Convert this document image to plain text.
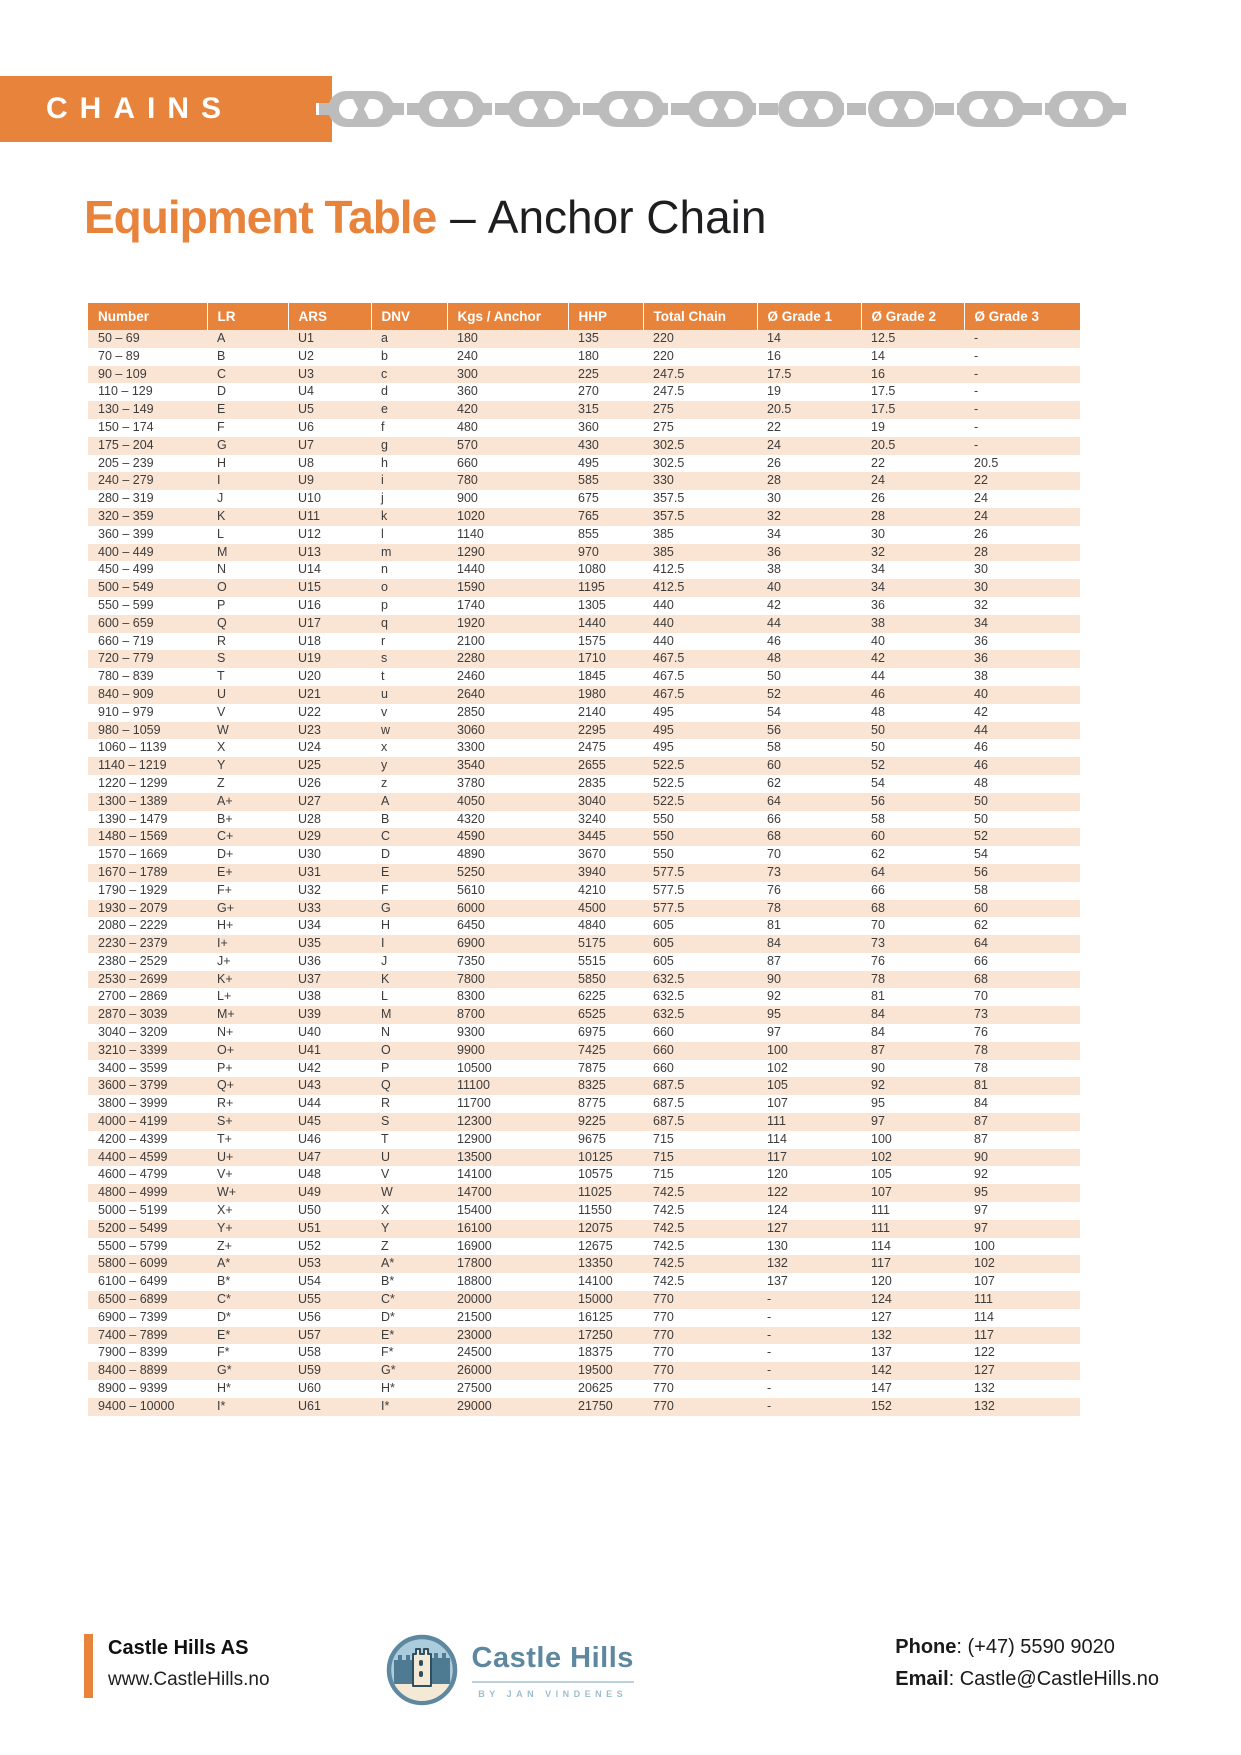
CHAINS
Equipment Table – Anchor Chain
Number	LR	ARS	DNV	Kgs / Anchor	HHP	Total Chain	Ø Grade 1	Ø Grade 2	Ø Grade 3
50 – 69	A	U1	a	180	135	220	14	12.5	-
70 – 89	B	U2	b	240	180	220	16	14	-
90 – 109	C	U3	c	300	225	247.5	17.5	16	-
110 – 129	D	U4	d	360	270	247.5	19	17.5	-
130 – 149	E	U5	e	420	315	275	20.5	17.5	-
150 – 174	F	U6	f	480	360	275	22	19	-
175 – 204	G	U7	g	570	430	302.5	24	20.5	-
205 – 239	H	U8	h	660	495	302.5	26	22	20.5
240 – 279	I	U9	i	780	585	330	28	24	22
280 – 319	J	U10	j	900	675	357.5	30	26	24
320 – 359	K	U11	k	1020	765	357.5	32	28	24
360 – 399	L	U12	l	1140	855	385	34	30	26
400 – 449	M	U13	m	1290	970	385	36	32	28
450 – 499	N	U14	n	1440	1080	412.5	38	34	30
500 – 549	O	U15	o	1590	1195	412.5	40	34	30
550 – 599	P	U16	p	1740	1305	440	42	36	32
600 – 659	Q	U17	q	1920	1440	440	44	38	34
660 – 719	R	U18	r	2100	1575	440	46	40	36
720 – 779	S	U19	s	2280	1710	467.5	48	42	36
780 – 839	T	U20	t	2460	1845	467.5	50	44	38
840 – 909	U	U21	u	2640	1980	467.5	52	46	40
910 – 979	V	U22	v	2850	2140	495	54	48	42
980 – 1059	W	U23	w	3060	2295	495	56	50	44
1060 – 1139	X	U24	x	3300	2475	495	58	50	46
1140 – 1219	Y	U25	y	3540	2655	522.5	60	52	46
1220 – 1299	Z	U26	z	3780	2835	522.5	62	54	48
1300 – 1389	A+	U27	A	4050	3040	522.5	64	56	50
1390 – 1479	B+	U28	B	4320	3240	550	66	58	50
1480 – 1569	C+	U29	C	4590	3445	550	68	60	52
1570 – 1669	D+	U30	D	4890	3670	550	70	62	54
1670 – 1789	E+	U31	E	5250	3940	577.5	73	64	56
1790 – 1929	F+	U32	F	5610	4210	577.5	76	66	58
1930 – 2079	G+	U33	G	6000	4500	577.5	78	68	60
2080 – 2229	H+	U34	H	6450	4840	605	81	70	62
2230 – 2379	I+	U35	I	6900	5175	605	84	73	64
2380 – 2529	J+	U36	J	7350	5515	605	87	76	66
2530 – 2699	K+	U37	K	7800	5850	632.5	90	78	68
2700 – 2869	L+	U38	L	8300	6225	632.5	92	81	70
2870 – 3039	M+	U39	M	8700	6525	632.5	95	84	73
3040 – 3209	N+	U40	N	9300	6975	660	97	84	76
3210 – 3399	O+	U41	O	9900	7425	660	100	87	78
3400 – 3599	P+	U42	P	10500	7875	660	102	90	78
3600 – 3799	Q+	U43	Q	11100	8325	687.5	105	92	81
3800 – 3999	R+	U44	R	11700	8775	687.5	107	95	84
4000 – 4199	S+	U45	S	12300	9225	687.5	111	97	87
4200 – 4399	T+	U46	T	12900	9675	715	114	100	87
4400 – 4599	U+	U47	U	13500	10125	715	117	102	90
4600 – 4799	V+	U48	V	14100	10575	715	120	105	92
4800 – 4999	W+	U49	W	14700	11025	742.5	122	107	95
5000 – 5199	X+	U50	X	15400	11550	742.5	124	111	97
5200 – 5499	Y+	U51	Y	16100	12075	742.5	127	111	97
5500 – 5799	Z+	U52	Z	16900	12675	742.5	130	114	100
5800 – 6099	A*	U53	A*	17800	13350	742.5	132	117	102
6100 – 6499	B*	U54	B*	18800	14100	742.5	137	120	107
6500 – 6899	C*	U55	C*	20000	15000	770	-	124	111
6900 – 7399	D*	U56	D*	21500	16125	770	-	127	114
7400 – 7899	E*	U57	E*	23000	17250	770	-	132	117
7900 – 8399	F*	U58	F*	24500	18375	770	-	137	122
8400 – 8899	G*	U59	G*	26000	19500	770	-	142	127
8900 – 9399	H*	U60	H*	27500	20625	770	-	147	132
9400 – 10000	I*	U61	I*	29000	21750	770	-	152	132
Castle Hills AS
www.CastleHills.no
Castle Hills
BY JAN VINDENES
Phone: (+47) 5590 9020
Email: Castle@CastleHills.no
